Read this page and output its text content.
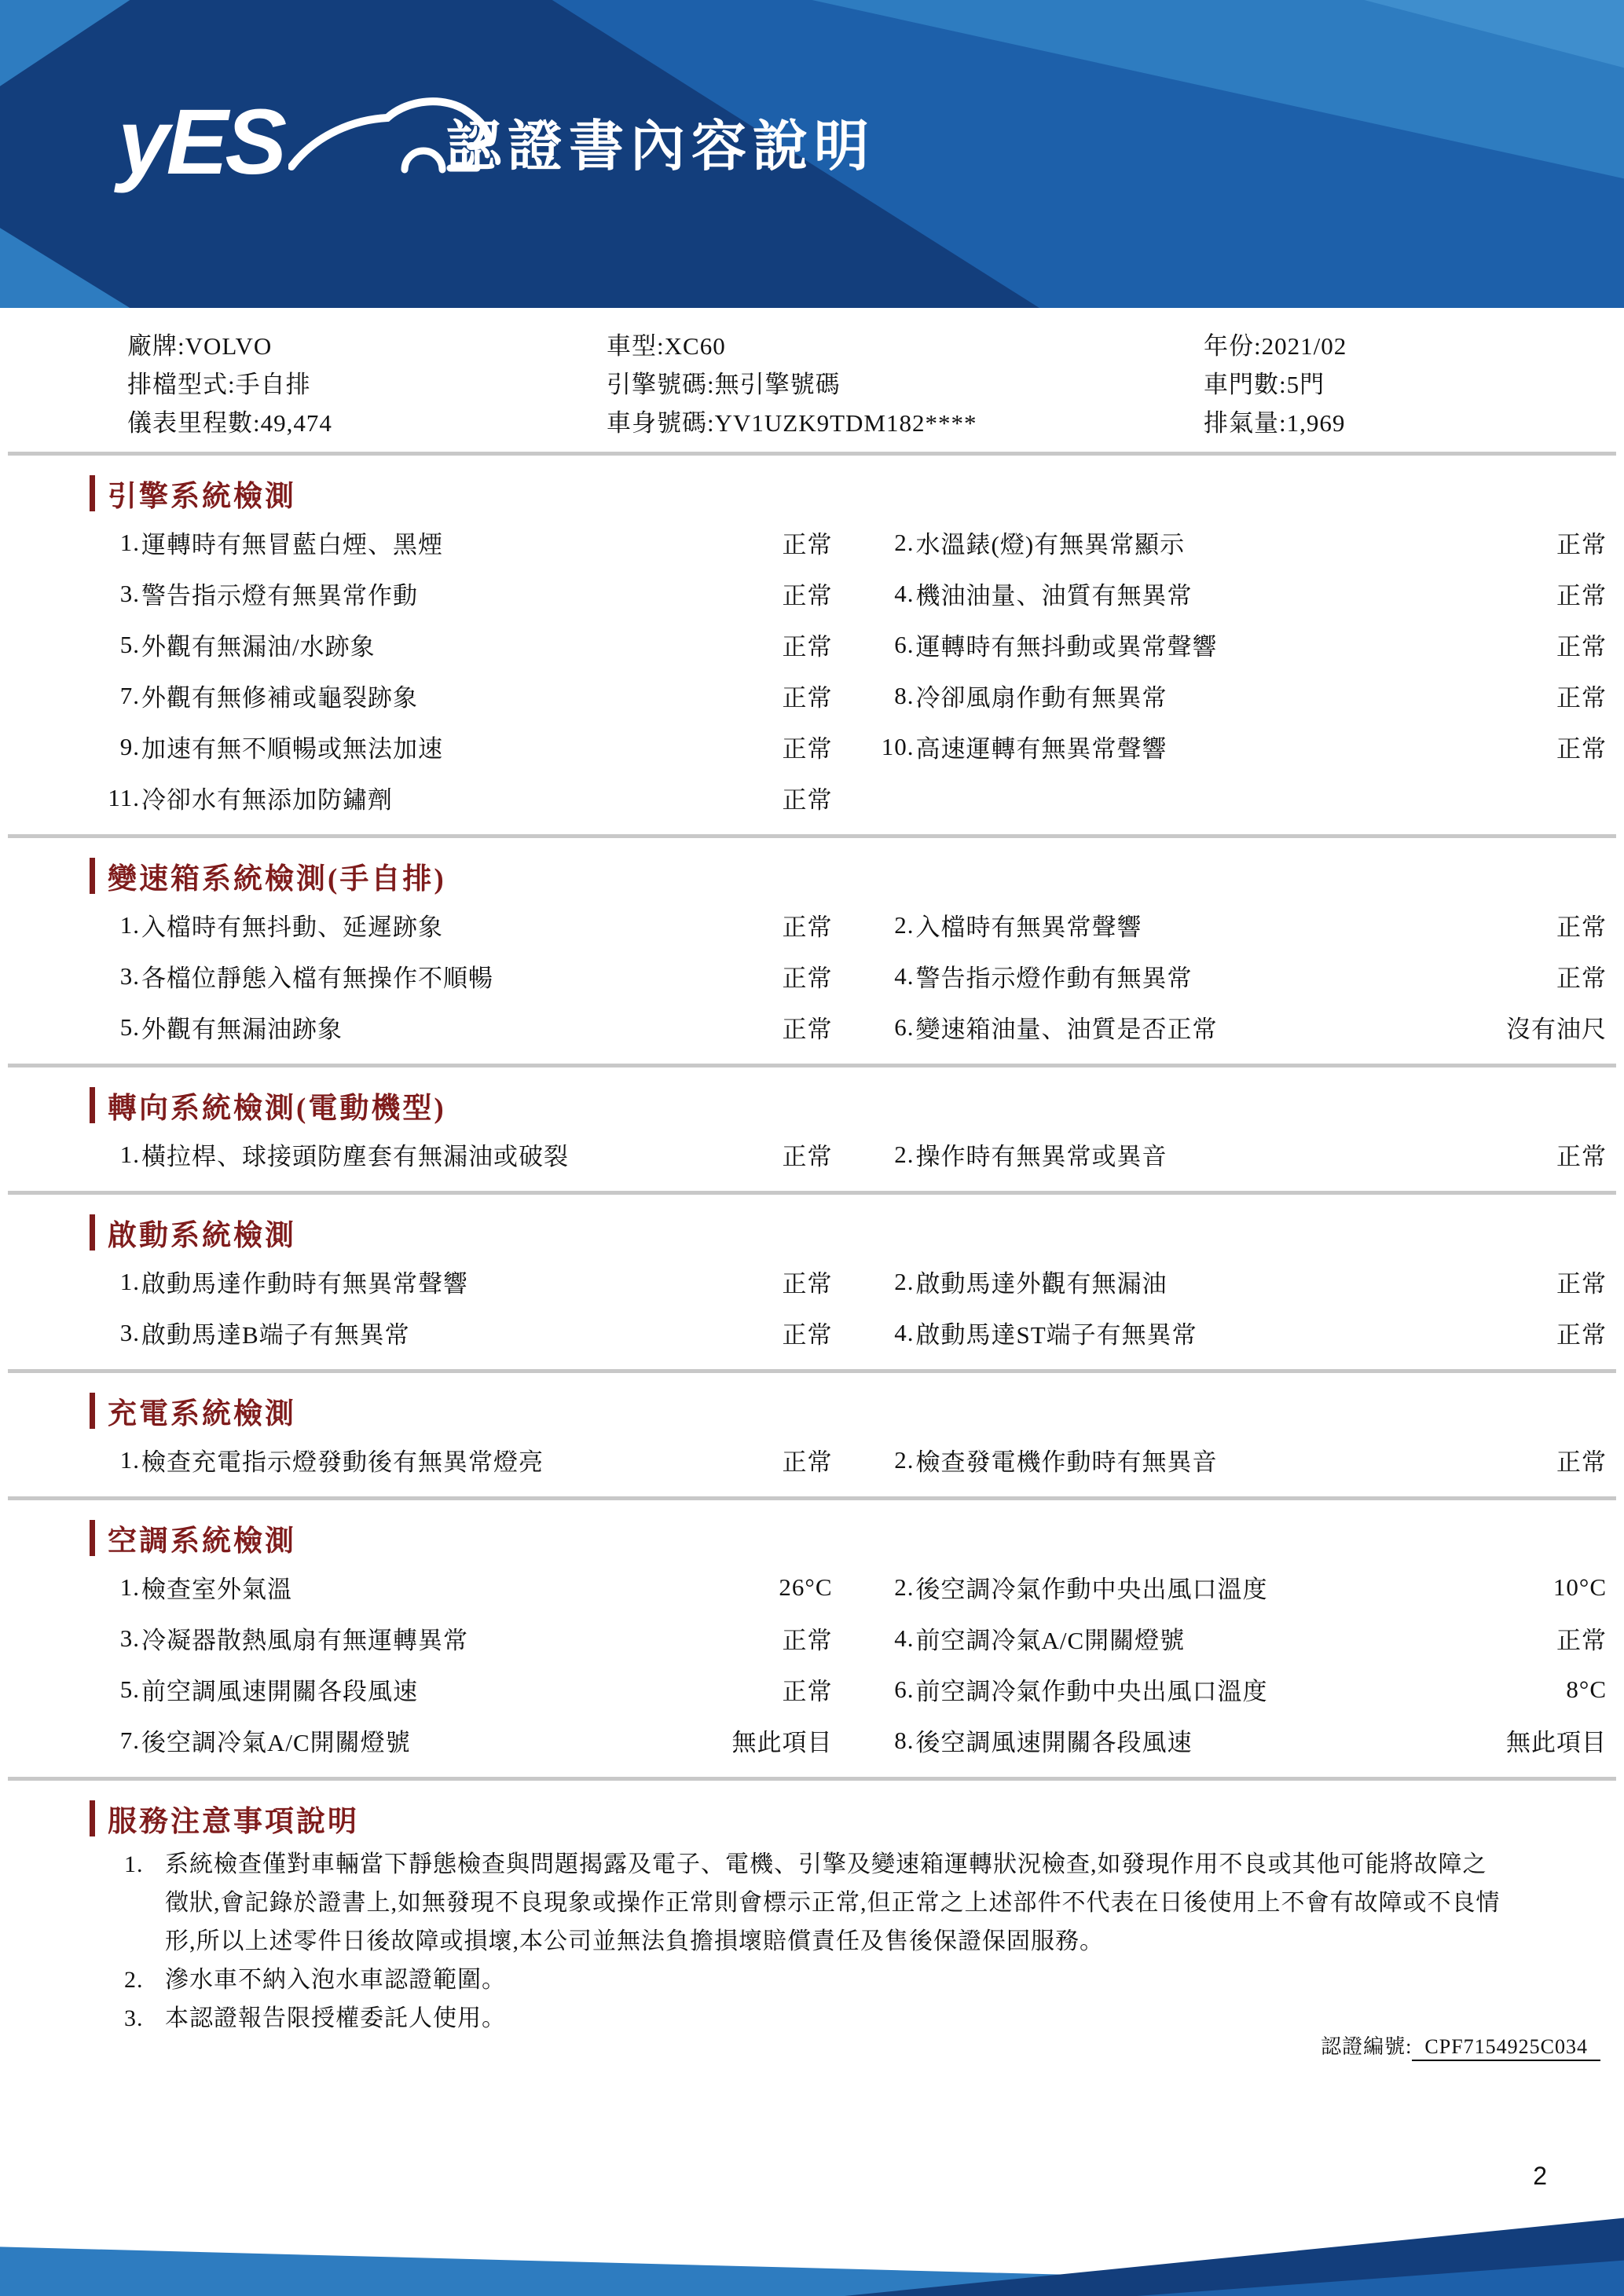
yES	認證書內容說明
廠牌:VOLVO	車型:XC60	年份:2021/02
排檔型式:手自排	引擎號碼:無引擎號碼	車門數:5門
儀表里程數:49,474	車身號碼:YV1UZK9TDM182****	排氣量:1,969
引擎系統檢測
1. 運轉時有無冒藍白煙、黑煙	正常	2. 水溫錶(燈)有無異常顯示	正常
3. 警告指示燈有無異常作動	正常	4. 機油油量、油質有無異常	正常
5. 外觀有無漏油/水跡象	正常	6. 運轉時有無抖動或異常聲響	正常
7. 外觀有無修補或龜裂跡象	正常	8. 冷卻風扇作動有無異常	正常
9. 加速有無不順暢或無法加速	正常	10. 高速運轉有無異常聲響	正常
11. 冷卻水有無添加防鏽劑	正常
變速箱系統檢測(手自排)
1. 入檔時有無抖動、延遲跡象	正常	2. 入檔時有無異常聲響	正常
3. 各檔位靜態入檔有無操作不順暢	正常	4. 警告指示燈作動有無異常	正常
5. 外觀有無漏油跡象	正常	6. 變速箱油量、油質是否正常	沒有油尺
轉向系統檢測(電動機型)
1. 橫拉桿、球接頭防塵套有無漏油或破裂	正常	2. 操作時有無異常或異音	正常
啟動系統檢測
1. 啟動馬達作動時有無異常聲響	正常	2. 啟動馬達外觀有無漏油	正常
3. 啟動馬達B端子有無異常	正常	4. 啟動馬達ST端子有無異常	正常
充電系統檢測
1. 檢查充電指示燈發動後有無異常燈亮	正常	2. 檢查發電機作動時有無異音	正常
空調系統檢測
1. 檢查室外氣溫	26°C	2. 後空調冷氣作動中央出風口溫度	10°C
3. 冷凝器散熱風扇有無運轉異常	正常	4. 前空調冷氣A/C開關燈號	正常
5. 前空調風速開關各段風速	正常	6. 前空調冷氣作動中央出風口溫度	8°C
7. 後空調冷氣A/C開關燈號	無此項目	8. 後空調風速開關各段風速	無此項目
服務注意事項說明
1. 系統檢查僅對車輛當下靜態檢查與問題揭露及電子、電機、引擎及變速箱運轉狀況檢查,如發現作用不良或其他可能將故障之徵狀,會記錄於證書上,如無發現不良現象或操作正常則會標示正常,但正常之上述部件不代表在日後使用上不會有故障或不良情形,所以上述零件日後故障或損壞,本公司並無法負擔損壞賠償責任及售後保證保固服務。
2. 滲水車不納入泡水車認證範圍。
3. 本認證報告限授權委託人使用。
認證編號: CPF7154925C034
2
